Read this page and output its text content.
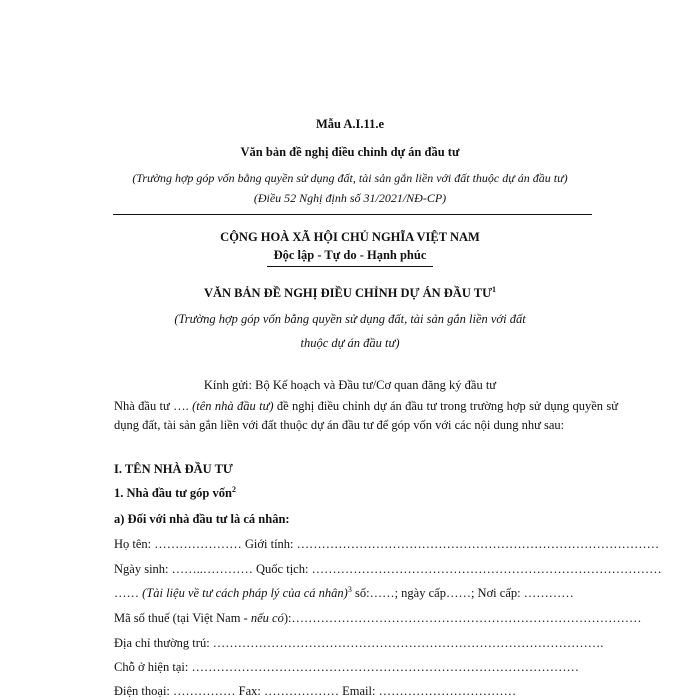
Mẫu A.I.11.e
Văn bản đề nghị điều chỉnh dự án đầu tư
(Trường hợp góp vốn bằng quyền sử dụng đất, tài sản gắn liền với đất thuộc dự án đầu tư)
(Điều 52 Nghị định số 31/2021/NĐ-CP)
CỘNG HOÀ XÃ HỘI CHỦ NGHĨA VIỆT NAM
Độc lập - Tự do - Hạnh phúc
VĂN BẢN ĐỀ NGHỊ ĐIỀU CHỈNH DỰ ÁN ĐẦU $TƯ^1$
(Trường hợp góp vốn bằng quyền sử dụng đất, tài sản gắn liền với đất
thuộc dự án đầu tư)
Kính gửi: Bộ Kế hoạch và Đầu tư/Cơ quan đăng ký đầu tư
Nhà đầu tư …. (tên nhà đầu tư) đề nghị điều chỉnh dự án đầu tư trong trường hợp sử dụng quyền sử dụng đất, tài sản gắn liền với đất thuộc dự án đầu tư để góp vốn với các nội dung như sau:
I. TÊN NHÀ ĐẦU TƯ
1. Nhà đầu tư góp vốn$^2$
a) Đối với nhà đầu tư là cá nhân:
Họ tên: ………………… Giới tính: ……………………………………………………………………………
Ngày sinh: ……..………… Quốc tịch: …………………………………………………………………………
…… (Tài liệu về tư cách pháp lý của cá nhân)$^3$ số:……; ngày cấp……; Nơi cấp: …………
Mã số thuế (tại Việt Nam - nếu có):…………………………………………………………………………
Địa chỉ thường trú: ………………………………………………………………………………….
Chỗ ở hiện tại: …………………………………………………………………………………
Điện thoại: …………… Fax: ……………… Email: ……………………………
